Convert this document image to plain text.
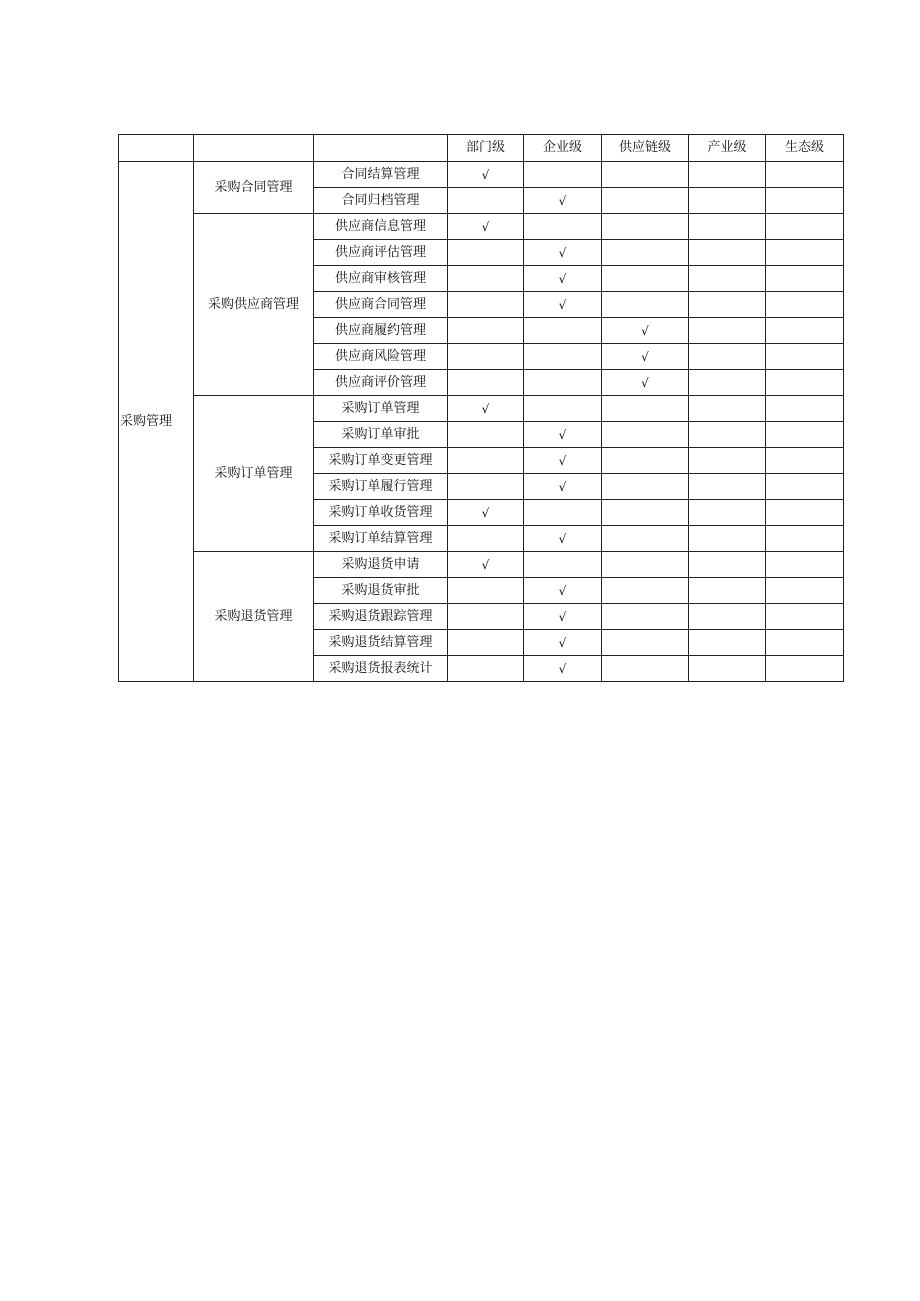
			部门级	企业级	供应链级	产业级	生态级
采购管理	采购合同管理	合同结算管理	√				
		合同归档管理		√			
	采购供应商管理	供应商信息管理	√				
		供应商评估管理		√			
		供应商审核管理		√			
		供应商合同管理		√			
		供应商履约管理			√		
		供应商风险管理			√		
		供应商评价管理			√		
	采购订单管理	采购订单管理	√				
		采购订单审批		√			
		采购订单变更管理		√			
		采购订单履行管理		√			
		采购订单收货管理	√				
		采购订单结算管理		√			
	采购退货管理	采购退货申请	√				
		采购退货审批		√			
		采购退货跟踪管理		√			
		采购退货结算管理		√			
		采购退货报表统计		√			
